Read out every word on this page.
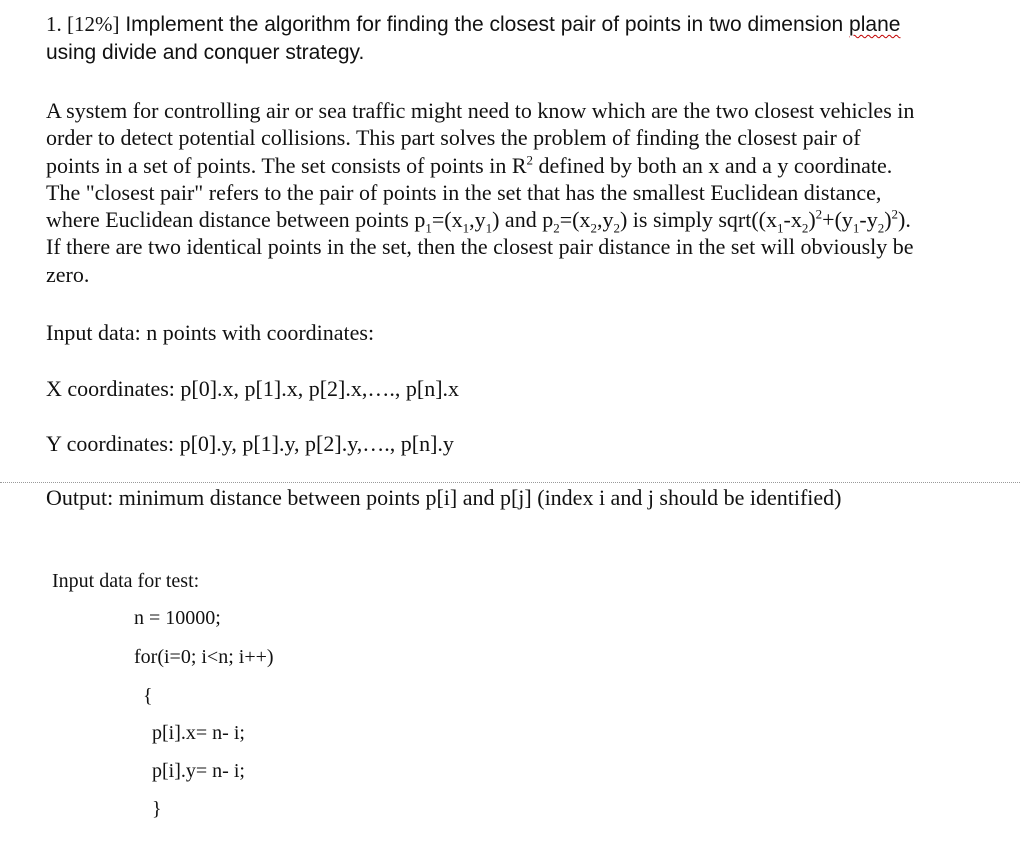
1. [12%] Implement the algorithm for finding the closest pair of points in two dimension plane using divide and conquer strategy.

A system for controlling air or sea traffic might need to know which are the two closest vehicles in order to detect potential collisions. This part solves the problem of finding the closest pair of points in a set of points. The set consists of points in $R^2$ defined by both an x and a y coordinate. The "closest pair" refers to the pair of points in the set that has the smallest Euclidean distance, where Euclidean distance between points $p_1=(x_1,y_1)$ and $p_2=(x_2,y_2)$ is simply $sqrt((x_1-x_2)^2+(y_1-y_2)^2)$. If there are two identical points in the set, then the closest pair distance in the set will obviously be zero.

Input data: n points with coordinates:

X coordinates: p[0].x, p[1].x, p[2].x,…., p[n].x

Y coordinates: p[0].y, p[1].y, p[2].y,…., p[n].y

Output: minimum distance between points p[i] and p[j] (index i and j should be identified)

Input data for test:

n = 10000;

for(i=0; i<n; i++)

{

p[i].x= n- i;

p[i].y= n- i;

}
